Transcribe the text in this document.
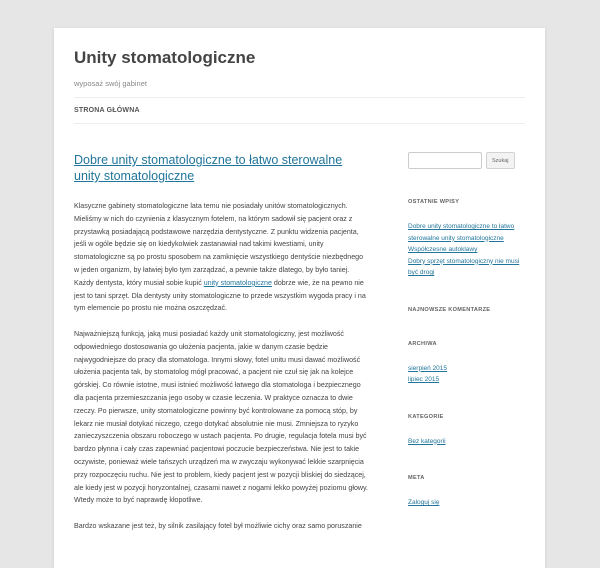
Unity stomatologiczne
wyposaż swój gabinet
STRONA GŁÓWNA
Dobre unity stomatologiczne to łatwo sterowalne unity stomatologiczne

Klasyczne gabinety stomatologiczne lata temu nie posiadały unitów stomatologicznych. Mieliśmy w nich do czynienia z klasycznym fotelem, na którym sadowił się pacjent oraz z przystawką posiadającą podstawowe narzędzia dentystyczne. Z punktu widzenia pacjenta, jeśli w ogóle będzie się on kiedykolwiek zastanawiał nad takimi kwestiami, unity stomatologiczne są po prostu sposobem na zamknięcie wszystkiego dentyście niezbędnego w jeden organizm, by łatwiej było tym zarządzać, a pewnie także dlatego, by było taniej. Każdy dentysta, który musiał sobie kupić unity stomatologiczne dobrze wie, że na pewno nie jest to tani sprzęt. Dla dentysty unity stomatologiczne to przede wszystkim wygoda pracy i na tym elemencie po prostu nie można oszczędzać.

Najważniejszą funkcją, jaką musi posiadać każdy unit stomatologiczny, jest możliwość odpowiedniego dostosowania go ułożenia pacjenta, jakie w danym czasie będzie najwygodniejsze do pracy dla stomatologa. Innymi słowy, fotel unitu musi dawać możliwość ułożenia pacjenta tak, by stomatolog mógł pracować, a pacjent nie czuł się jak na kolejce górskiej. Co równie istotne, musi istnieć możliwość łatwego dla stomatologa i bezpiecznego dla pacjenta przemieszczania jego osoby w czasie leczenia. W praktyce oznacza to dwie rzeczy. Po pierwsze, unity stomatologiczne powinny być kontrolowane za pomocą stóp, by lekarz nie musiał dotykać niczego, czego dotykać absolutnie nie musi. Zmniejsza to ryzyko zanieczyszczenia obszaru roboczego w ustach pacjenta. Po drugie, regulacja fotela musi być bardzo płynna i cały czas zapewniać pacjentowi poczucie bezpieczeństwa. Nie jest to takie oczywiste, ponieważ wiele tańszych urządzeń ma w zwyczaju wykonywać lekkie szarpnięcia przy rozpoczęciu ruchu. Nie jest to problem, kiedy pacjent jest w pozycji bliskiej do siedzącej, ale kiedy jest w pozycji horyzontalnej, czasami nawet z nogami lekko powyżej poziomu głowy. Wtedy może to być naprawdę kłopotliwe.

Bardzo wskazane jest też, by silnik zasilający fotel był możliwie cichy oraz samo poruszanie

Szukaj
OSTATNIE WPISY
Dobre unity stomatologiczne to łatwo sterowalne unity stomatologiczne
Współczesne autoklawy
Dobry sprzęt stomatologiczny nie musi być drogi
NAJNOWSZE KOMENTARZE
ARCHIWA
sierpień 2015
lipiec 2015
KATEGORIE
Bez kategorii
META
Zaloguj się
